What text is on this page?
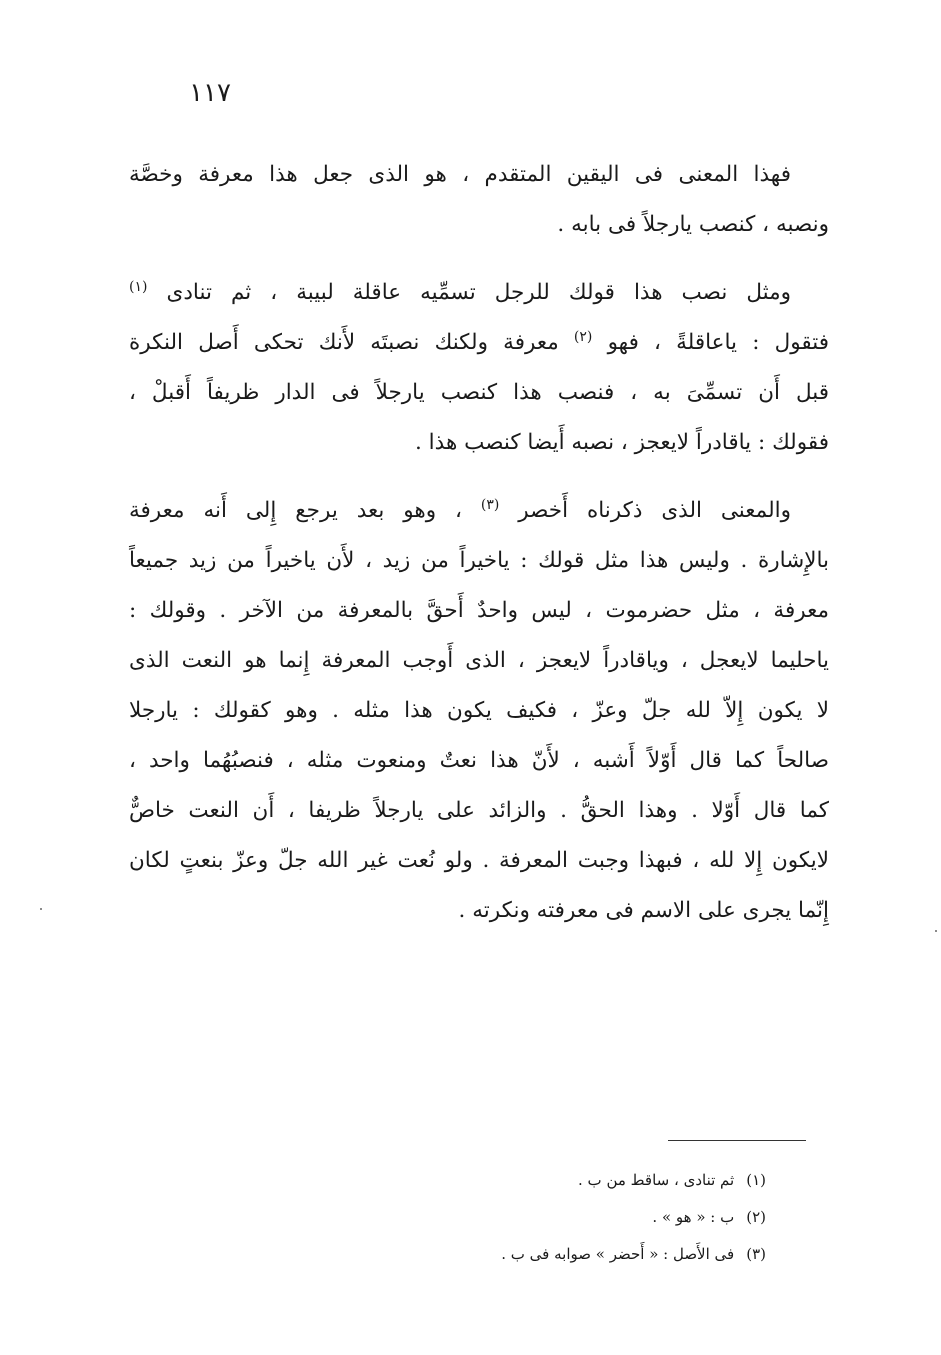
١١٧
فهذا المعنى فى اليقين المتقدم ، هو الذى جعل هذا معرفة وخصَّة
ونصبه ، كنصب يارجلاً فى بابه .
ومثل نصب هذا قولك للرجل تسمِّيه عاقلة لبيبة ، ثم تنادى $^{(١)}$
فتقول : ياعاقلةً ، فهو $^{(٢)}$ معرفة ولكنك نصبتَه لأَنك تحكى أَصل النكرة
قبل أَن تسمِّىَ به ، فنصب هذا كنصب يارجلاً فى الدار ظريفاً أَقبلْ ،
فقولك : ياقادراً لايعجز ، نصبه أَيضا كنصب هذا .
والمعنى الذى ذكرناه أَخصر $^{(٣)}$ ، وهو بعد يرجع إِلى أَنه معرفة
بالإِشارة . وليس هذا مثل قولك : ياخيراً من زيد ، لأَن ياخيراً من زيد جميعاً
معرفة ، مثل حضرموت ، ليس واحدٌ أَحقَّ بالمعرفة من الآخر . وقولك :
ياحليما لايعجل ، وياقادراً لايعجز ، الذى أَوجب المعرفة إِنما هو النعت الذى
لا يكون إِلاّ لله جلّ وعزّ ، فكيف يكون هذا مثله . وهو كقولك : يارجلا
صالحاً كما قال أَوّلاً أَشبه ، لأَنّ هذا نعتٌ ومنعوت مثله ، فنصبُهُما واحد ،
كما قال أَوّلا . وهذا الحقُّ . والزائد على يارجلاً ظريفا ، أَن النعت خاصٌّ
لايكون إِلا لله ، فبهذا وجبت المعرفة . ولو نُعت غير الله جلّ وعزّ بنعتٍ لكان
إِنّما يجرى على الاسم فى معرفته ونكرته .
(١)ثم تنادى ، ساقط من ب .
(٢)ب : « هو » .
(٣)فى الأَصل : « أَحضر » صوابه فى ب .
